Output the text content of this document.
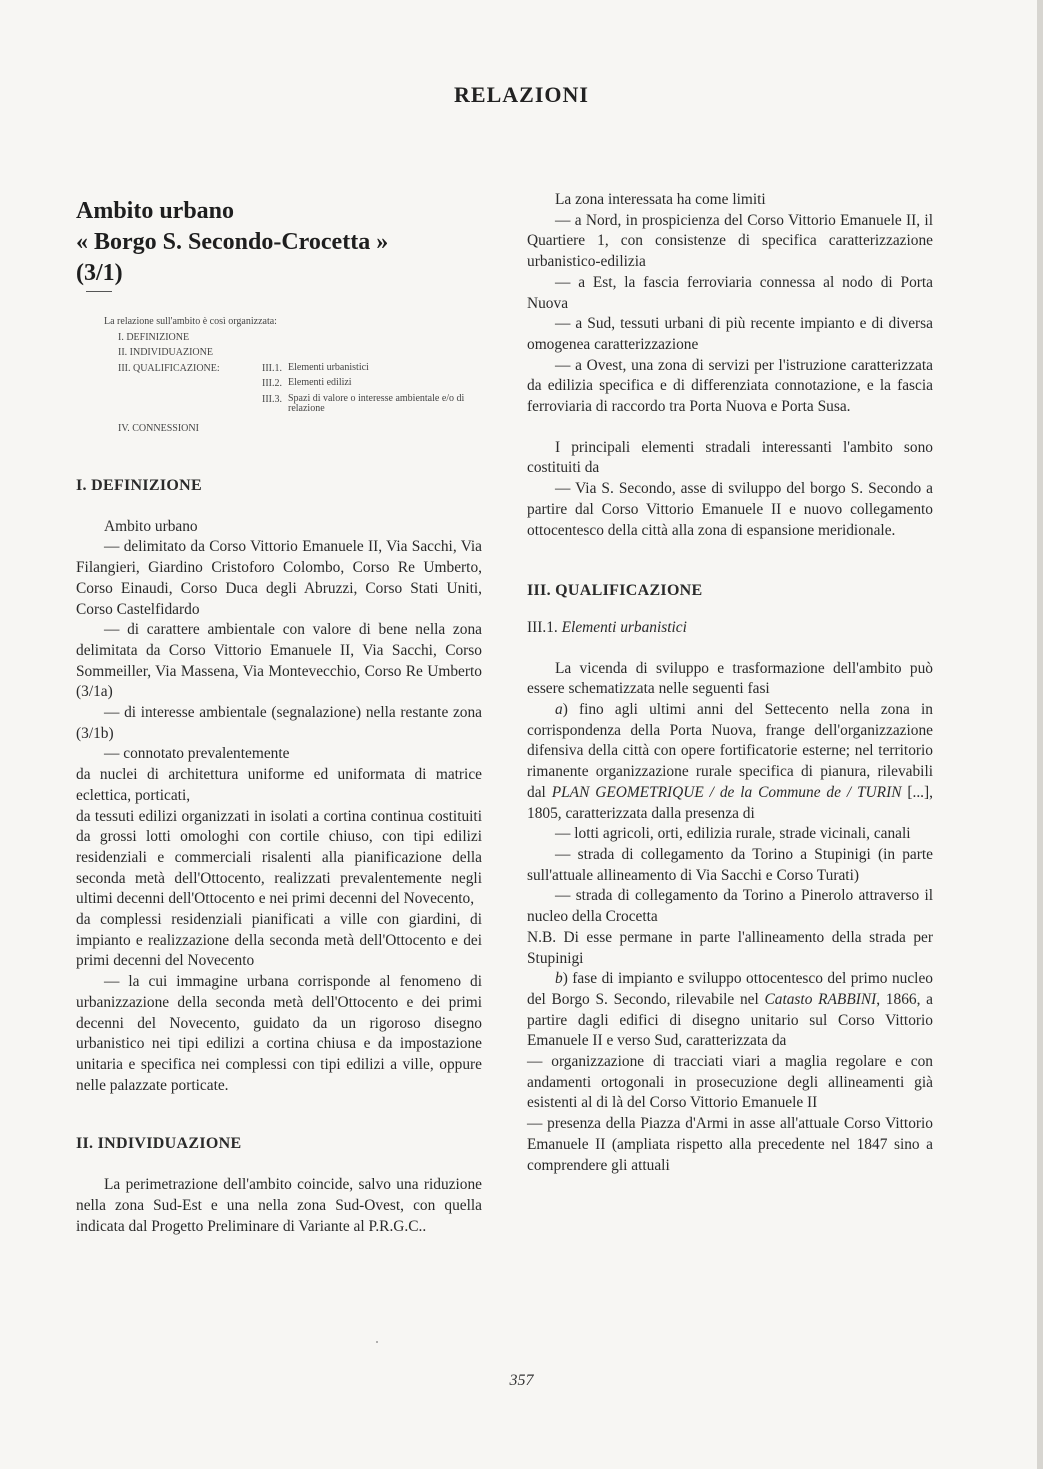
RELAZIONI
Ambito urbano
« Borgo S. Secondo-Crocetta »
(3/1)
La relazione sull'ambito è così organizzata:
I. DEFINIZIONE
II. INDIVIDUAZIONE
III. QUALIFICAZIONE:	III.1. Elementi urbanistici
III.2. Elementi edilizi
III.3. Spazi di valore o interesse ambientale e/o di relazione
IV. CONNESSIONI
I. DEFINIZIONE

Ambito urbano

— delimitato da Corso Vittorio Emanuele II, Via Sacchi, Via Filangieri, Giardino Cristoforo Colombo, Corso Re Umberto, Corso Einaudi, Corso Duca degli Abruzzi, Corso Stati Uniti, Corso Castelfidardo

— di carattere ambientale con valore di bene nella zona delimitata da Corso Vittorio Emanuele II, Via Sacchi, Corso Sommeiller, Via Massena, Via Montevecchio, Corso Re Umberto (3/1a)

— di interesse ambientale (segnalazione) nella restante zona (3/1b)

— connotato prevalentemente

da nuclei di architettura uniforme ed uniformata di matrice eclettica, porticati,

da tessuti edilizi organizzati in isolati a cortina continua costituiti da grossi lotti omologhi con cortile chiuso, con tipi edilizi residenziali e commerciali risalenti alla pianificazione della seconda metà dell'Ottocento, realizzati prevalentemente negli ultimi decenni dell'Ottocento e nei primi decenni del Novecento,

da complessi residenziali pianificati a ville con giardini, di impianto e realizzazione della seconda metà dell'Ottocento e dei primi decenni del Novecento

— la cui immagine urbana corrisponde al fenomeno di urbanizzazione della seconda metà dell'Ottocento e dei primi decenni del Novecento, guidato da un rigoroso disegno urbanistico nei tipi edilizi a cortina chiusa e da impostazione unitaria e specifica nei complessi con tipi edilizi a ville, oppure nelle palazzate porticate.

II. INDIVIDUAZIONE

La perimetrazione dell'ambito coincide, salvo una riduzione nella zona Sud-Est e una nella zona Sud-Ovest, con quella indicata dal Progetto Preliminare di Variante al P.R.G.C..

La zona interessata ha come limiti

— a Nord, in prospicienza del Corso Vittorio Emanuele II, il Quartiere 1, con consistenze di specifica caratterizzazione urbanistico-edilizia

— a Est, la fascia ferroviaria connessa al nodo di Porta Nuova

— a Sud, tessuti urbani di più recente impianto e di diversa omogenea caratterizzazione

— a Ovest, una zona di servizi per l'istruzione caratterizzata da edilizia specifica e di differenziata connotazione, e la fascia ferroviaria di raccordo tra Porta Nuova e Porta Susa.

I principali elementi stradali interessanti l'ambito sono costituiti da

— Via S. Secondo, asse di sviluppo del borgo S. Secondo a partire dal Corso Vittorio Emanuele II e nuovo collegamento ottocentesco della città alla zona di espansione meridionale.

III. QUALIFICAZIONE
III.1. Elementi urbanistici

La vicenda di sviluppo e trasformazione dell'ambito può essere schematizzata nelle seguenti fasi

a) fino agli ultimi anni del Settecento nella zona in corrispondenza della Porta Nuova, frange dell'organizzazione difensiva della città con opere fortificatorie esterne; nel territorio rimanente organizzazione rurale specifica di pianura, rilevabili dal PLAN GEOMETRIQUE / de la Commune de / TURIN [...], 1805, caratterizzata dalla presenza di

— lotti agricoli, orti, edilizia rurale, strade vicinali, canali

— strada di collegamento da Torino a Stupinigi (in parte sull'attuale allineamento di Via Sacchi e Corso Turati)

— strada di collegamento da Torino a Pinerolo attraverso il nucleo della Crocetta

N.B. Di esse permane in parte l'allineamento della strada per Stupinigi

b) fase di impianto e sviluppo ottocentesco del primo nucleo del Borgo S. Secondo, rilevabile nel Catasto RABBINI, 1866, a partire dagli edifici di disegno unitario sul Corso Vittorio Emanuele II e verso Sud, caratterizzata da

— organizzazione di tracciati viari a maglia regolare e con andamenti ortogonali in prosecuzione degli allineamenti già esistenti al di là del Corso Vittorio Emanuele II

— presenza della Piazza d'Armi in asse all'attuale Corso Vittorio Emanuele II (ampliata rispetto alla precedente nel 1847 sino a comprendere gli attuali

357
